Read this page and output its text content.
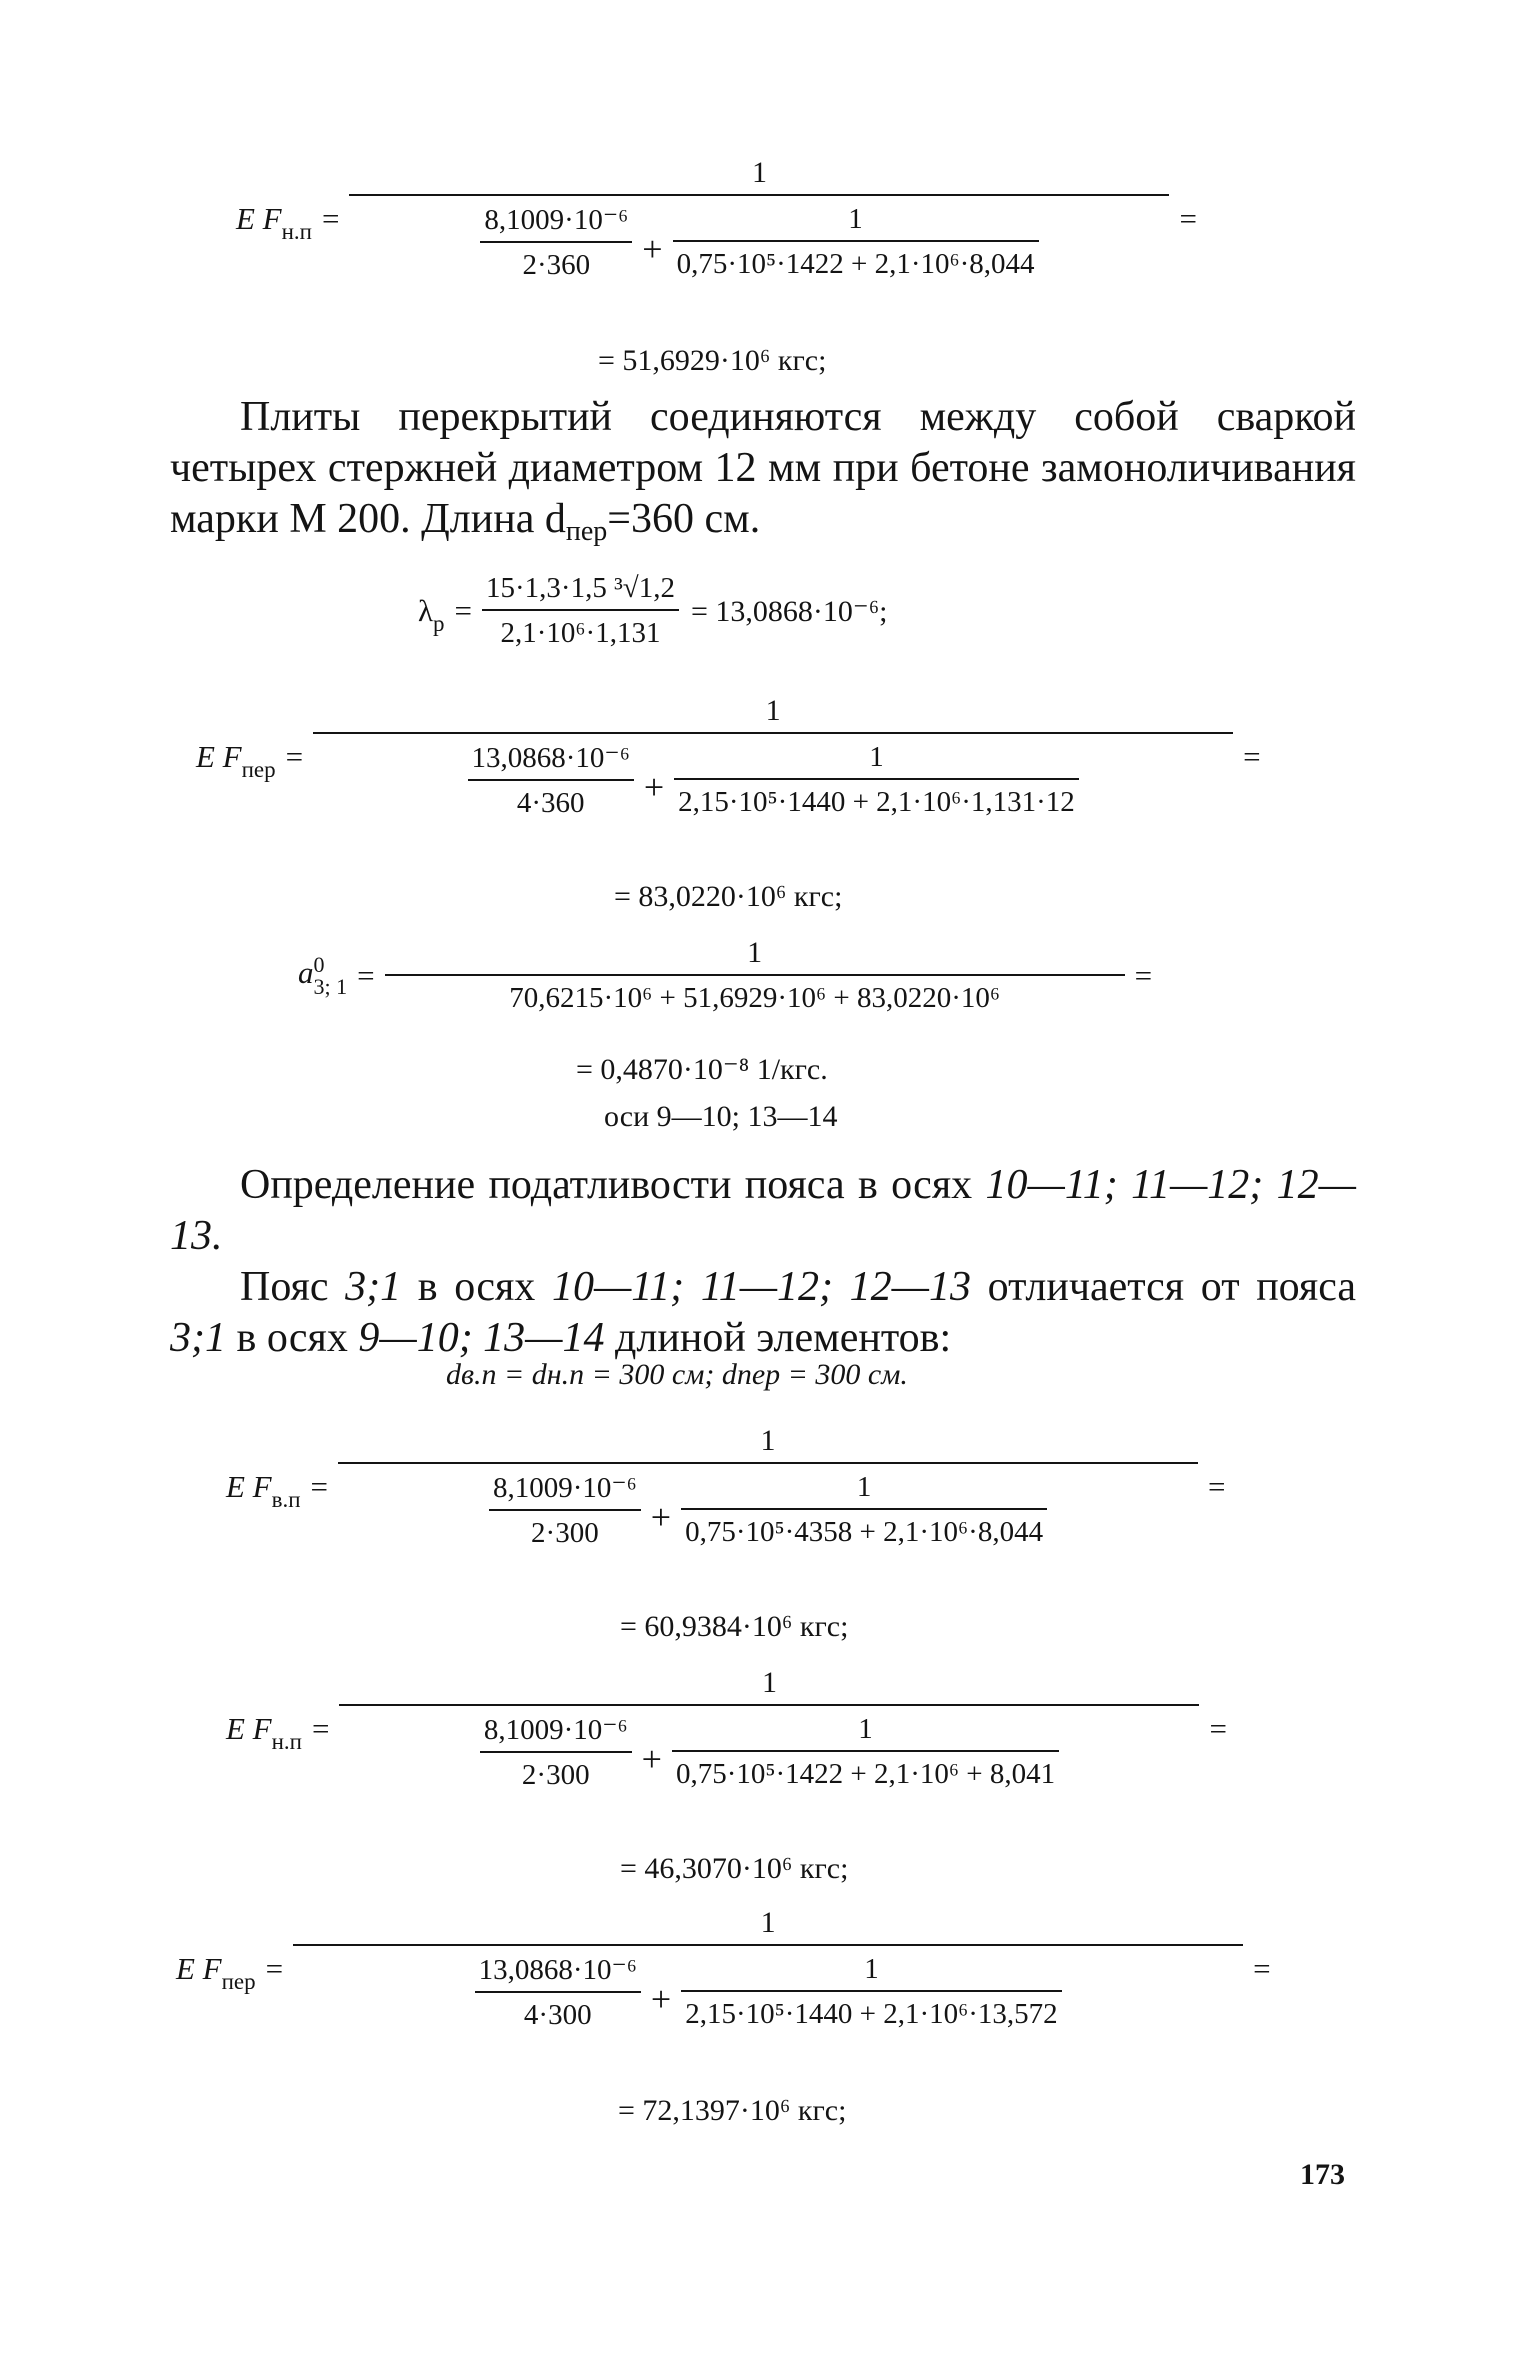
E $F_{н.п}$ =
1
$\frac{\text{8,1009·10⁻⁶}}{2\cdot 360} + \frac{1}{\text{0,75·10⁵·1422 + 2,1·10⁶·8,044}}$	=
= 51,6929·10⁶ кгс;
Плиты перекрытий соединяются между собой сваркой четырех стержней диаметром 12 мм при бетоне замоноличивания марки М 200. Длина dпер=360 см.
$\lambda_р = \frac{\text{15·1,3·1,5 ³√1,2}}{\text{2,1·10⁶·1,131}} = 13,0868\cdot 10^{-6}$;
E $F_{пер}$ =
1
$\frac{\text{13,0868·10⁻⁶}}{4\cdot 360} + \frac{1}{\text{2,15·10⁵·1440 + 2,1·10⁶·1,131·12}}$	=
= 83,0220·10⁶ кгс;
a 0
3; $1 = \frac{1}{\text{70,6215·10⁶ + 51,6929·10⁶ + 83,0220·10⁶}}$ =
= 0,4870·10⁻⁸ 1/кгс.
оси 9—10; 13—14
Определение податливости пояса в осях 10—11; 11—12; 12—13.
Пояс 3;1 в осях 10—11; 11—12; 12—13 отличается от пояса 3;1 в осях 9—10; 13—14 длиной элементов:
dв.п = dн.п = 300 см; dпер = 300 см.
E $F_{в.п}$ =
1
$\frac{\text{8,1009·10⁻⁶}}{2\cdot 300} + \frac{1}{\text{0,75·10⁵·4358 + 2,1·10⁶·8,044}}$	=
= 60,9384·10⁶ кгс;
E $F_{н.п}$ =
1
$\frac{\text{8,1009·10⁻⁶}}{2\cdot 300} + \frac{1}{\text{0,75·10⁵·1422 + 2,1·10⁶ + 8,041}}$	=
= 46,3070·10⁶ кгс;
E $F_{пер}$ =
1
$\frac{\text{13,0868·10⁻⁶}}{4\cdot 300} + \frac{1}{\text{2,15·10⁵·1440 + 2,1·10⁶·13,572}}$	=
= 72,1397·10⁶ кгс;
173
